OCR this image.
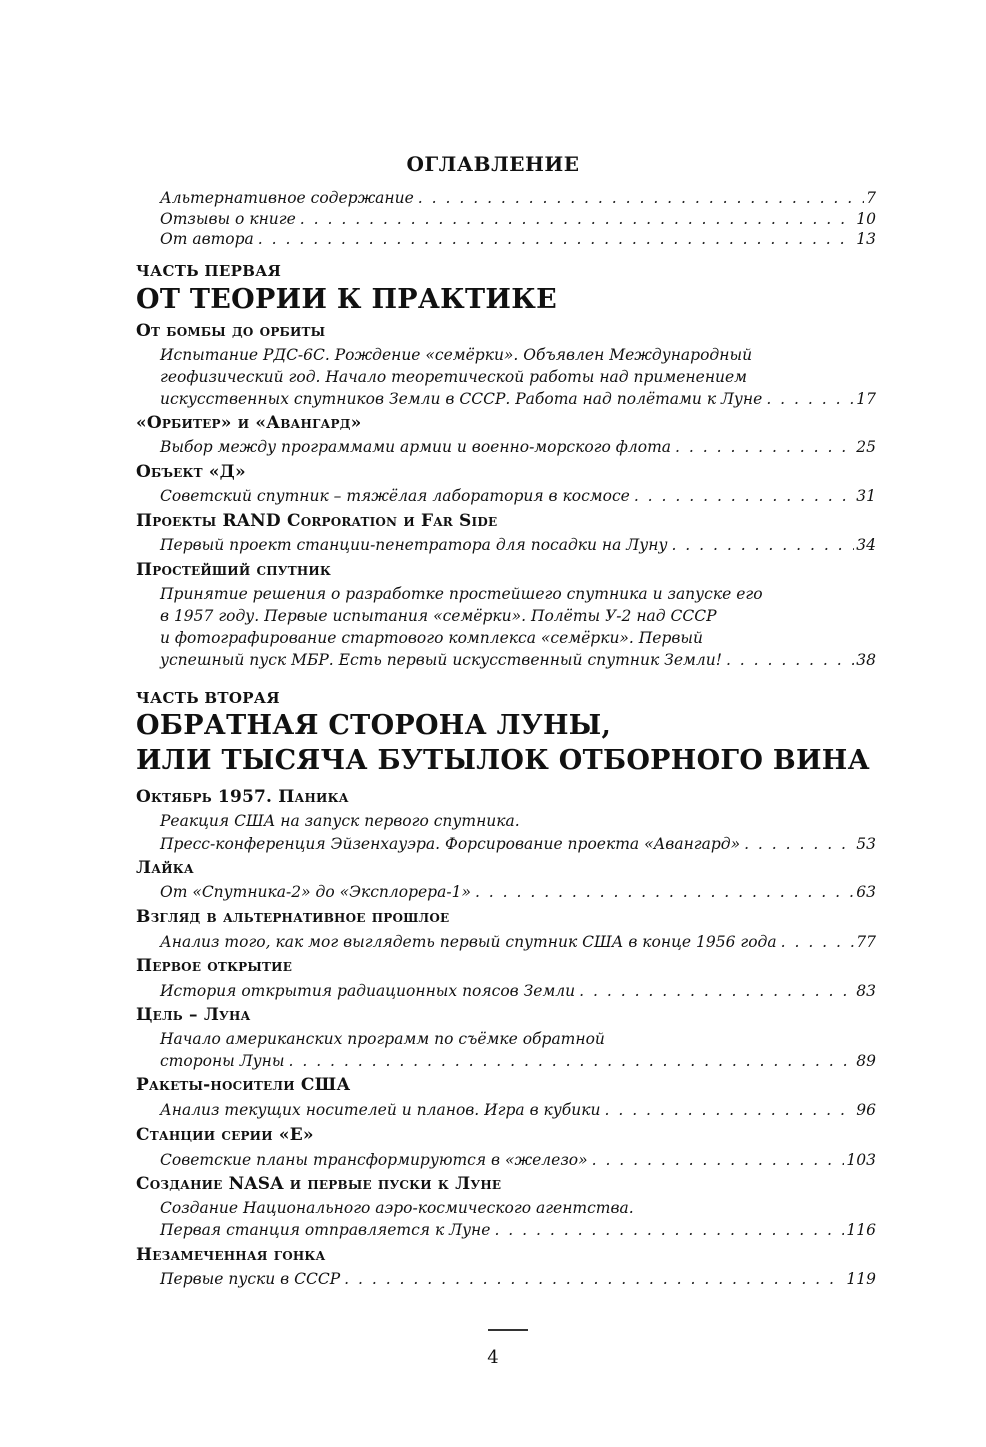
ОГЛАВЛЕНИЕ
Альтернативное содержание . . .	7
Отзывы о книге . . .	10
От автора . . .	13
ЧАСТЬ ПЕРВАЯ
ОТ ТЕОРИИ К ПРАКТИКЕ
От бомбы до орбиты
Испытание РДС-6С. Рождение «семёрки». Объявлен Международный
геофизический год. Начало теоретической работы над применением
искусственных спутников Земли в СССР. Работа над полётами к Луне . . .	17
«Орбитер» и «Авангард»
Выбор между программами армии и военно-морского флота . . .	25
Объект «Д»
Советский спутник – тяжёлая лаборатория в космосе . . .	31
Проекты RAND Corporation и Far Side
Первый проект станции-пенетратора для посадки на Луну . . .	34
Простейший спутник
Принятие решения о разработке простейшего спутника и запуске его
в 1957 году. Первые испытания «семёрки». Полёты У-2 над СССР
и фотографирование стартового комплекса «семёрки». Первый
успешный пуск МБР. Есть первый искусственный спутник Земли! . . .	38
ЧАСТЬ ВТОРАЯ
ОБРАТНАЯ СТОРОНА ЛУНЫ,
ИЛИ ТЫСЯЧА БУТЫЛОК ОТБОРНОГО ВИНА
Октябрь 1957. Паника
Реакция США на запуск первого спутника.
Пресс-конференция Эйзенхауэра. Форсирование проекта «Авангард» . . .	53
Лайка
От «Спутника-2» до «Эксплорера-1» . . .	63
Взгляд в альтернативное прошлое
Анализ того, как мог выглядеть первый спутник США в конце 1956 года . . .	77
Первое открытие
История открытия радиационных поясов Земли . . .	83
Цель – Луна
Начало американских программ по съёмке обратной
стороны Луны . . .	89
Ракеты-носители США
Анализ текущих носителей и планов. Игра в кубики . . .	96
Станции серии «Е»
Советские планы трансформируются в «железо» . . .	103
Создание NASA и первые пуски к Луне
Создание Национального аэро-космического агентства.
Первая станция отправляется к Луне . . .	116
Незамеченная гонка
Первые пуски в СССР . . .	119
4
